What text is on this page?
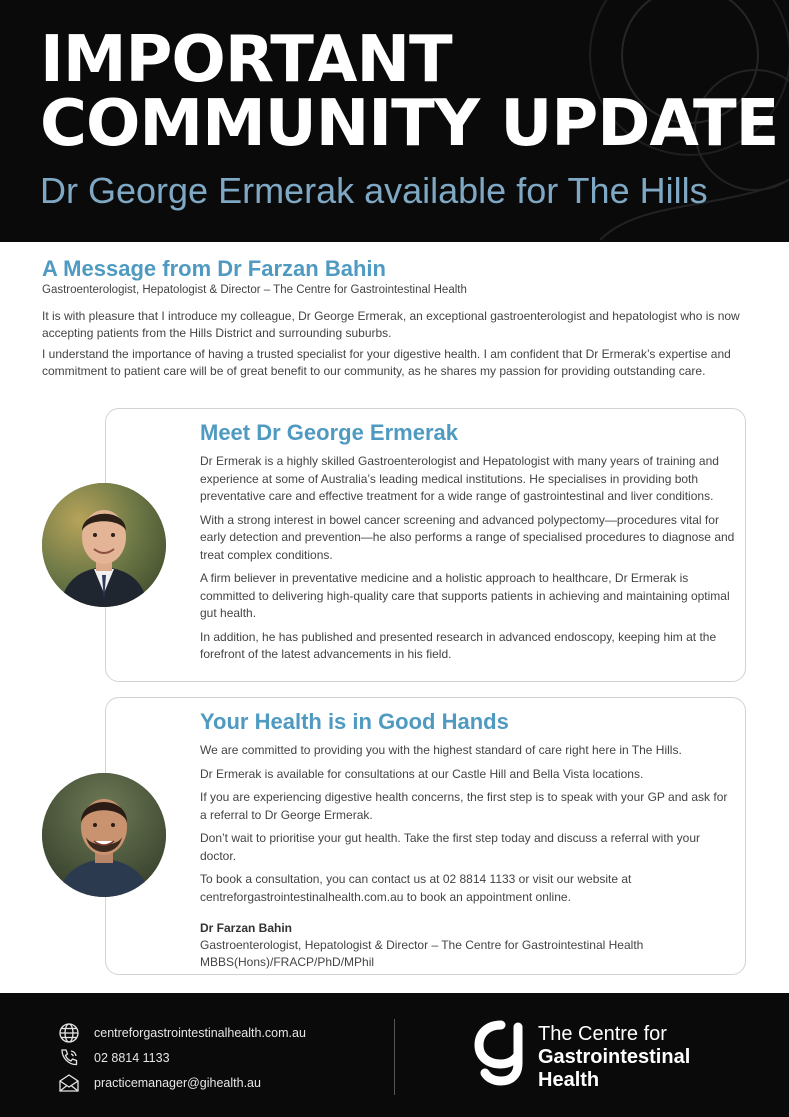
IMPORTANT
COMMUNITY UPDATE

Dr George Ermerak available for The Hills

A Message from Dr Farzan Bahin
Gastroenterologist, Hepatologist & Director – The Centre for Gastrointestinal Health

It is with pleasure that I introduce my colleague, Dr George Ermerak, an exceptional gastroenterologist and hepatologist who is now accepting patients from the Hills District and surrounding suburbs.

I understand the importance of having a trusted specialist for your digestive health. I am confident that Dr Ermerak’s expertise and commitment to patient care will be of great benefit to our community, as he shares my passion for providing outstanding care.

Meet Dr George Ermerak

Dr Ermerak is a highly skilled Gastroenterologist and Hepatologist with many years of training and experience at some of Australia’s leading medical institutions. He specialises in providing both preventative care and effective treatment for a wide range of gastrointestinal and liver conditions.

With a strong interest in bowel cancer screening and advanced polypectomy—procedures vital for early detection and prevention—he also performs a range of specialised procedures to diagnose and treat complex conditions.

A firm believer in preventative medicine and a holistic approach to healthcare, Dr Ermerak is committed to delivering high-quality care that supports patients in achieving and maintaining optimal gut health.

In addition, he has published and presented research in advanced endoscopy, keeping him at the forefront of the latest advancements in his field.

Your Health is in Good Hands

We are committed to providing you with the highest standard of care right here in The Hills.

Dr Ermerak is available for consultations at our Castle Hill and Bella Vista locations.

If you are experiencing digestive health concerns, the first step is to speak with your GP and ask for a referral to Dr George Ermerak.

Don’t wait to prioritise your gut health. Take the first step today and discuss a referral with your doctor.

To book a consultation, you can contact us at 02 8814 1133 or visit our website at centreforgastrointestinalhealth.com.au to book an appointment online.

Dr Farzan Bahin
Gastroenterologist, Hepatologist & Director – The Centre for Gastrointestinal Health
MBBS(Hons)/FRACP/PhD/MPhil
centreforgastrointestinalhealth.com.au
02 8814 1133
practicemanager@gihealth.au
The Centre for
Gastrointestinal
Health
